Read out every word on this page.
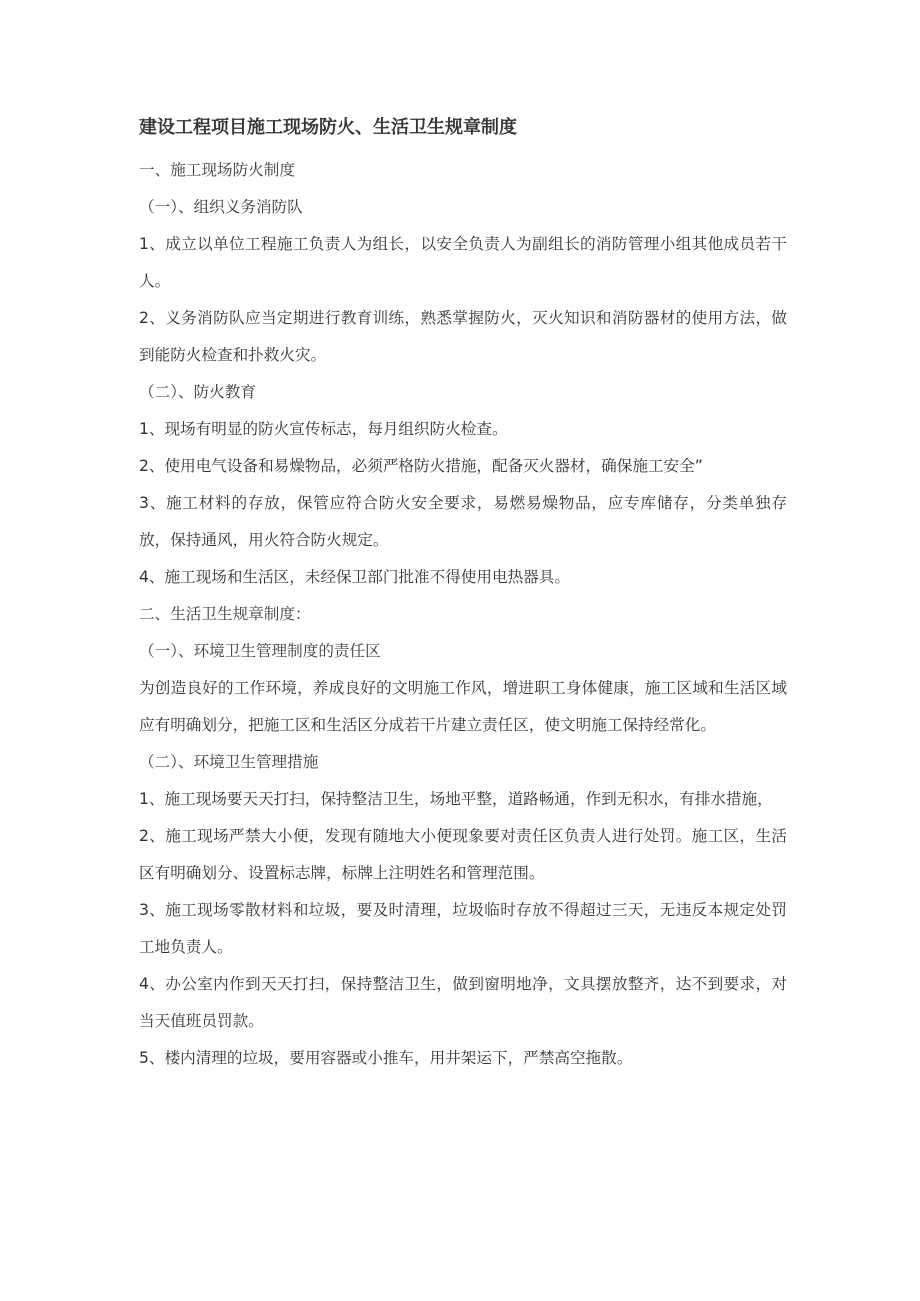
建设工程项目施工现场防火、生活卫生规章制度
一、施工现场防火制度
（一）、组织义务消防队

1、成立以单位工程施工负责人为组长，以安全负责人为副组长的消防管理小组其他成员若干人。

2、义务消防队应当定期进行教育训练，熟悉掌握防火，灭火知识和消防器材的使用方法，做到能防火检查和扑救火灾。

（二）、防火教育

1、现场有明显的防火宣传标志，每月组织防火检查。

2、使用电气设备和易燥物品，必须严格防火措施，配备灭火器材，确保施工安全”

3、施工材料的存放，保管应符合防火安全要求，易燃易燥物品，应专库储存，分类单独存放，保持通风，用火符合防火规定。

4、施工现场和生活区，未经保卫部门批准不得使用电热器具。

二、生活卫生规章制度：
（一）、环境卫生管理制度的责任区

为创造良好的工作环境，养成良好的文明施工作风，增进职工身体健康，施工区域和生活区域应有明确划分，把施工区和生活区分成若干片建立责任区，使文明施工保持经常化。

（二）、环境卫生管理措施

1、施工现场要天天打扫，保持整洁卫生，场地平整，道路畅通，作到无积水，有排水措施，

2、施工现场严禁大小便，发现有随地大小便现象要对责任区负责人进行处罚。施工区，生活区有明确划分、设置标志牌，标牌上注明姓名和管理范围。

3、施工现场零散材料和垃圾，要及时清理，垃圾临时存放不得超过三天，无违反本规定处罚工地负责人。

4、办公室内作到天天打扫，保持整洁卫生，做到窗明地净，文具摆放整齐，达不到要求，对当天值班员罚款。

5、楼内清理的垃圾，要用容器或小推车，用井架运下，严禁高空拖散。
